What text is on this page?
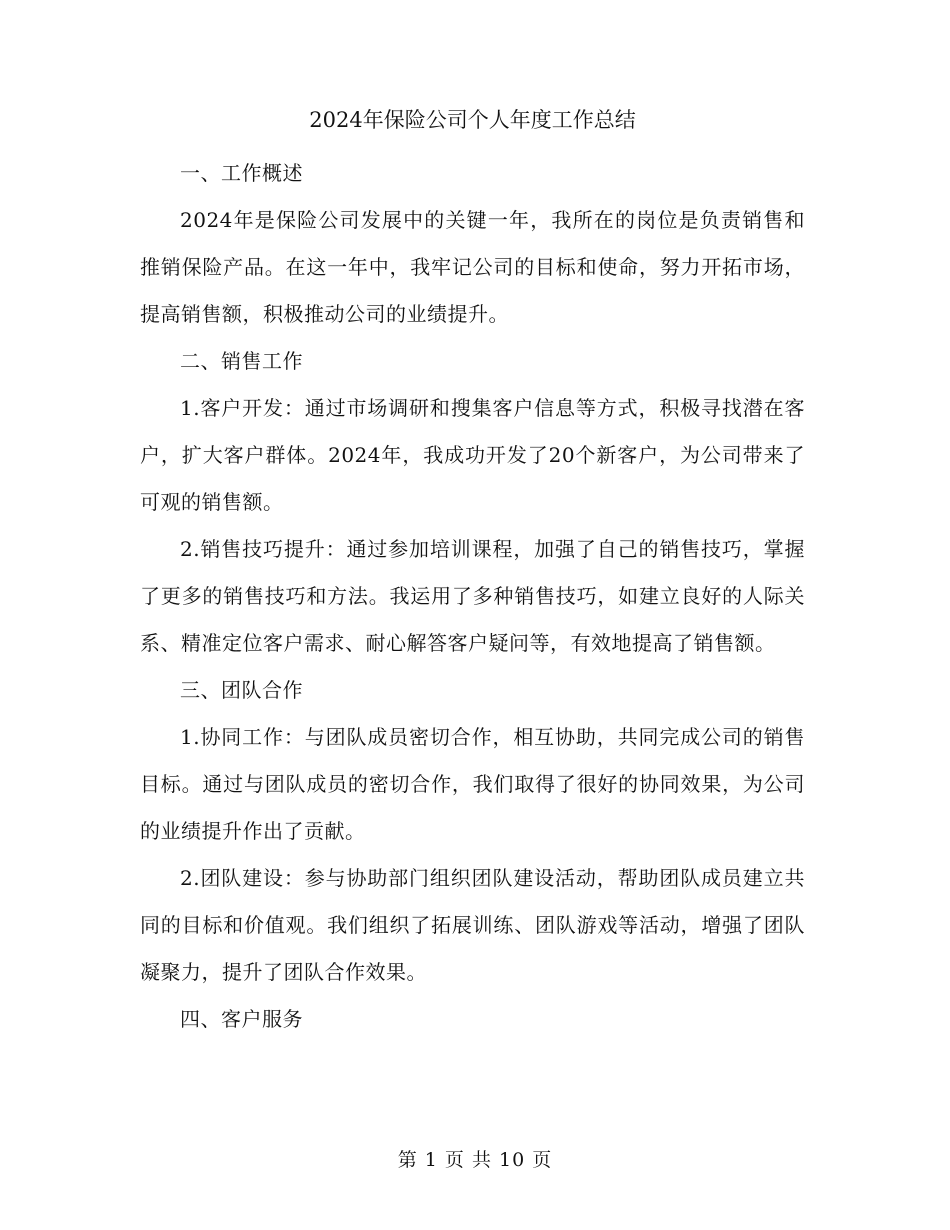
2024年保险公司个人年度工作总结

一、工作概述

2024年是保险公司发展中的关键一年，我所在的岗位是负责销售和推销保险产品。在这一年中，我牢记公司的目标和使命，努力开拓市场，提高销售额，积极推动公司的业绩提升。

二、销售工作

1.客户开发：通过市场调研和搜集客户信息等方式，积极寻找潜在客户，扩大客户群体。2024年，我成功开发了20个新客户，为公司带来了可观的销售额。

2.销售技巧提升：通过参加培训课程，加强了自己的销售技巧，掌握了更多的销售技巧和方法。我运用了多种销售技巧，如建立良好的人际关系、精准定位客户需求、耐心解答客户疑问等，有效地提高了销售额。

三、团队合作

1.协同工作：与团队成员密切合作，相互协助，共同完成公司的销售目标。通过与团队成员的密切合作，我们取得了很好的协同效果，为公司的业绩提升作出了贡献。

2.团队建设：参与协助部门组织团队建设活动，帮助团队成员建立共同的目标和价值观。我们组织了拓展训练、团队游戏等活动，增强了团队凝聚力，提升了团队合作效果。

四、客户服务

第 1 页 共 10 页
